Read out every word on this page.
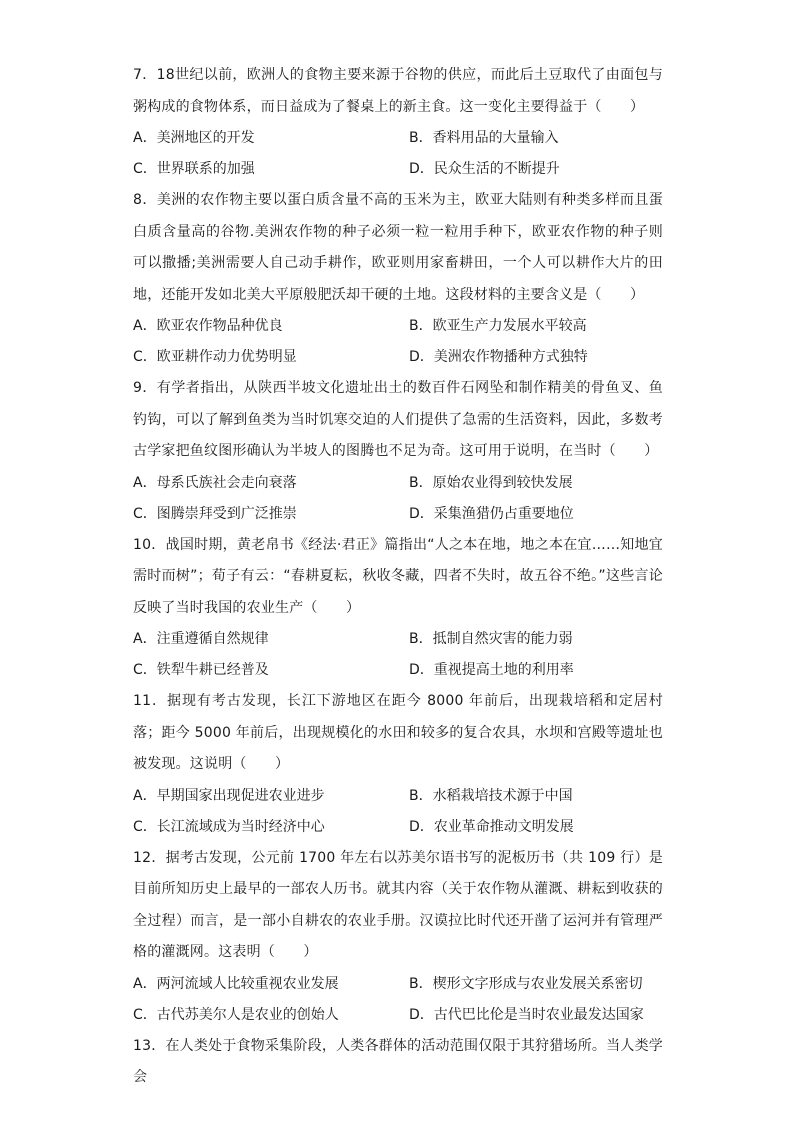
7．18世纪以前，欧洲人的食物主要来源于谷物的供应，而此后土豆取代了由面包与粥构成的食物体系，而日益成为了餐桌上的新主食。这一变化主要得益于（　　）

A．美洲地区的开发	B．香料用品的大量输入
C．世界联系的加强	D．民众生活的不断提升

8．美洲的农作物主要以蛋白质含量不高的玉米为主，欧亚大陆则有种类多样而且蛋白质含量高的谷物.美洲农作物的种子必须一粒一粒用手种下，欧亚农作物的种子则可以撒播;美洲需要人自己动手耕作，欧亚则用家畜耕田，一个人可以耕作大片的田地，还能开发如北美大平原般肥沃却干硬的土地。这段材料的主要含义是（　　）

A．欧亚农作物品种优良	B．欧亚生产力发展水平较高
C．欧亚耕作动力优势明显	D．美洲农作物播种方式独特

9．有学者指出，从陕西半坡文化遗址出土的数百件石网坠和制作精美的骨鱼叉、鱼钓钩，可以了解到鱼类为当时饥寒交迫的人们提供了急需的生活资料，因此，多数考古学家把鱼纹图形确认为半坡人的图腾也不足为奇。这可用于说明，在当时（　　）

A．母系氏族社会走向衰落	B．原始农业得到较快发展
C．图腾崇拜受到广泛推崇	D．采集渔猎仍占重要地位

10．战国时期，黄老帛书《经法·君正》篇指出“人之本在地，地之本在宜……知地宜需时而树”；荀子有云：“春耕夏耘，秋收冬藏，四者不失时，故五谷不绝。”这些言论反映了当时我国的农业生产（　　）

A．注重遵循自然规律	B．抵制自然灾害的能力弱
C．铁犁牛耕已经普及	D．重视提高土地的利用率

11．据现有考古发现，长江下游地区在距今 8000 年前后，出现栽培稻和定居村落；距今 5000 年前后，出现规模化的水田和较多的复合农具，水坝和宫殿等遗址也被发现。这说明（　　）

A．早期国家出现促进农业进步	B．水稻栽培技术源于中国
C．长江流域成为当时经济中心	D．农业革命推动文明发展

12．据考古发现，公元前 1700 年左右以苏美尔语书写的泥板历书（共 109 行）是目前所知历史上最早的一部农人历书。就其内容（关于农作物从灌溉、耕耘到收获的全过程）而言，是一部小自耕农的农业手册。汉谟拉比时代还开凿了运河并有管理严格的灌溉网。这表明（　　）

A．两河流域人比较重视农业发展	B．楔形文字形成与农业发展关系密切
C．古代苏美尔人是农业的创始人	D．古代巴比伦是当时农业最发达国家

13．在人类处于食物采集阶段，人类各群体的活动范围仅限于其狩猎场所。当人类学会
